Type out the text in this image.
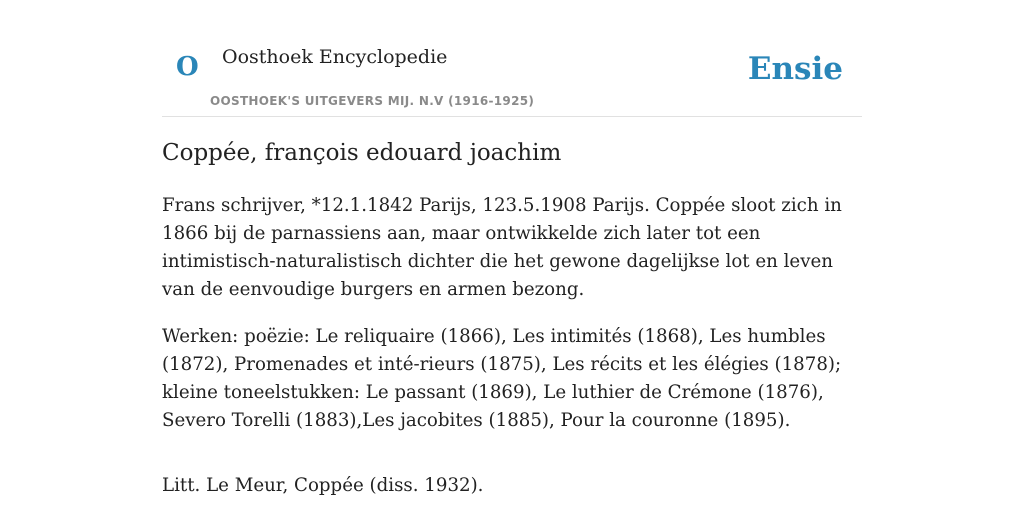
O Oosthoek Encyclopedie
OOSTHOEK'S UITGEVERS MIJ. N.V (1916-1925)
Ensie
Coppée, françois edouard joachim

Frans schrijver, *12.1.1842 Parijs, 123.5.1908 Parijs. Coppée sloot zich in 1866 bij de parnassiens aan, maar ontwikkelde zich later tot een intimistisch-naturalistisch dichter die het gewone dagelijkse lot en leven van de eenvoudige burgers en armen bezong.

Werken: poëzie: Le reliquaire (1866), Les intimités (1868), Les humbles (1872), Promenades et inté-rieurs (1875), Les récits et les élégies (1878); kleine toneelstukken: Le passant (1869), Le luthier de Crémone (1876), Severo Torelli (1883),Les jacobites (1885), Pour la couronne (1895).

Litt. Le Meur, Coppée (diss. 1932).
